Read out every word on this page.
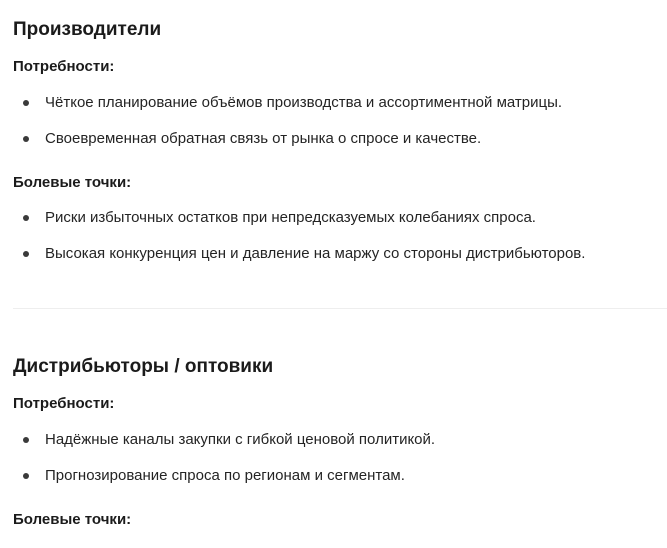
Производители
Потребности:
Чёткое планирование объёмов производства и ассортиментной матрицы.
Своевременная обратная связь от рынка о спросе и качестве.
Болевые точки:
Риски избыточных остатков при непредсказуемых колебаниях спроса.
Высокая конкуренция цен и давление на маржу со стороны дистрибьюторов.
Дистрибьюторы / оптовики
Потребности:
Надёжные каналы закупки с гибкой ценовой политикой.
Прогнозирование спроса по регионам и сегментам.
Болевые точки:
